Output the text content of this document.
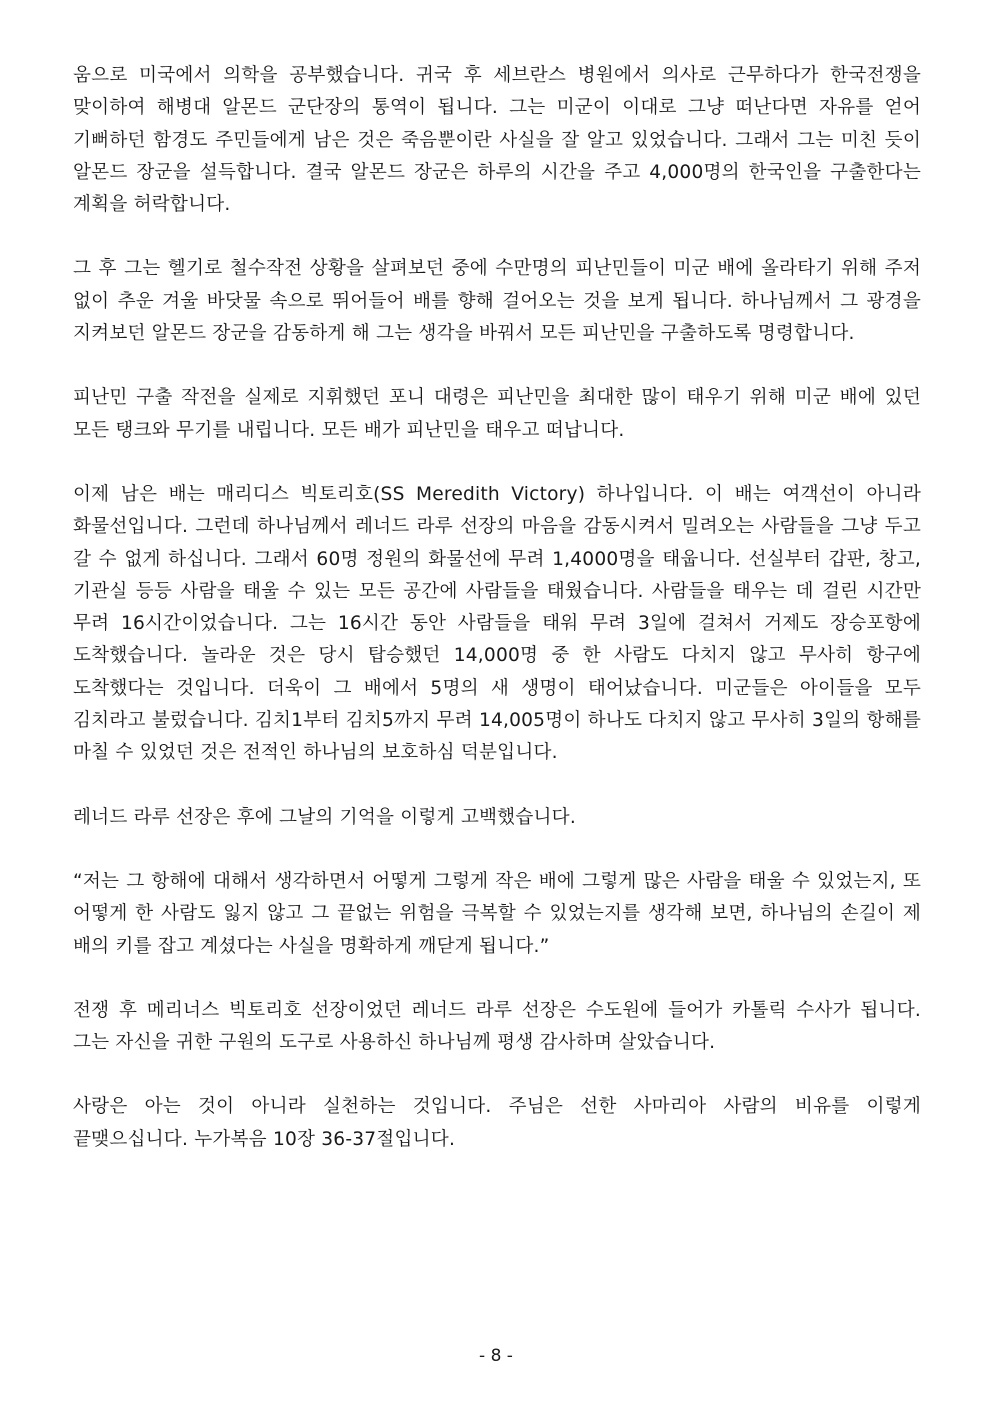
움으로 미국에서 의학을 공부했습니다. 귀국 후 세브란스 병원에서 의사로 근무하다가 한국전쟁을 맞이하여 해병대 알몬드 군단장의 통역이 됩니다. 그는 미군이 이대로 그냥 떠난다면 자유를 얻어 기뻐하던 함경도 주민들에게 남은 것은 죽음뿐이란 사실을 잘 알고 있었습니다. 그래서 그는 미친 듯이 알몬드 장군을 설득합니다. 결국 알몬드 장군은 하루의 시간을 주고 4,000명의 한국인을 구출한다는 계획을 허락합니다.

그 후 그는 헬기로 철수작전 상황을 살펴보던 중에 수만명의 피난민들이 미군 배에 올라타기 위해 주저 없이 추운 겨울 바닷물 속으로 뛰어들어 배를 향해 걸어오는 것을 보게 됩니다. 하나님께서 그 광경을 지켜보던 알몬드 장군을 감동하게 해 그는 생각을 바꿔서 모든 피난민을 구출하도록 명령합니다.

피난민 구출 작전을 실제로 지휘했던 포니 대령은 피난민을 최대한 많이 태우기 위해 미군 배에 있던 모든 탱크와 무기를 내립니다. 모든 배가 피난민을 태우고 떠납니다.

이제 남은 배는 매리디스 빅토리호(SS Meredith Victory) 하나입니다. 이 배는 여객선이 아니라 화물선입니다. 그런데 하나님께서 레너드 라루 선장의 마음을 감동시켜서 밀려오는 사람들을 그냥 두고 갈 수 없게 하십니다. 그래서 60명 정원의 화물선에 무려 1,4000명을 태웁니다. 선실부터 갑판, 창고, 기관실 등등 사람을 태울 수 있는 모든 공간에 사람들을 태웠습니다. 사람들을 태우는 데 걸린 시간만 무려 16시간이었습니다. 그는 16시간 동안 사람들을 태워 무려 3일에 걸쳐서 거제도 장승포항에 도착했습니다. 놀라운 것은 당시 탑승했던 14,000명 중 한 사람도 다치지 않고 무사히 항구에 도착했다는 것입니다. 더욱이 그 배에서 5명의 새 생명이 태어났습니다. 미군들은 아이들을 모두 김치라고 불렀습니다. 김치1부터 김치5까지 무려 14,005명이 하나도 다치지 않고 무사히 3일의 항해를 마칠 수 있었던 것은 전적인 하나님의 보호하심 덕분입니다.

레너드 라루 선장은 후에 그날의 기억을 이렇게 고백했습니다.

“저는 그 항해에 대해서 생각하면서 어떻게 그렇게 작은 배에 그렇게 많은 사람을 태울 수 있었는지, 또 어떻게 한 사람도 잃지 않고 그 끝없는 위험을 극복할 수 있었는지를 생각해 보면, 하나님의 손길이 제 배의 키를 잡고 계셨다는 사실을 명확하게 깨닫게 됩니다.”

전쟁 후 메리너스 빅토리호 선장이었던 레너드 라루 선장은 수도원에 들어가 카톨릭 수사가 됩니다. 그는 자신을 귀한 구원의 도구로 사용하신 하나님께 평생 감사하며 살았습니다.

사랑은 아는 것이 아니라 실천하는 것입니다. 주님은 선한 사마리아 사람의 비유를 이렇게 끝맺으십니다. 누가복음 10장 36-37절입니다.

- 8 -
